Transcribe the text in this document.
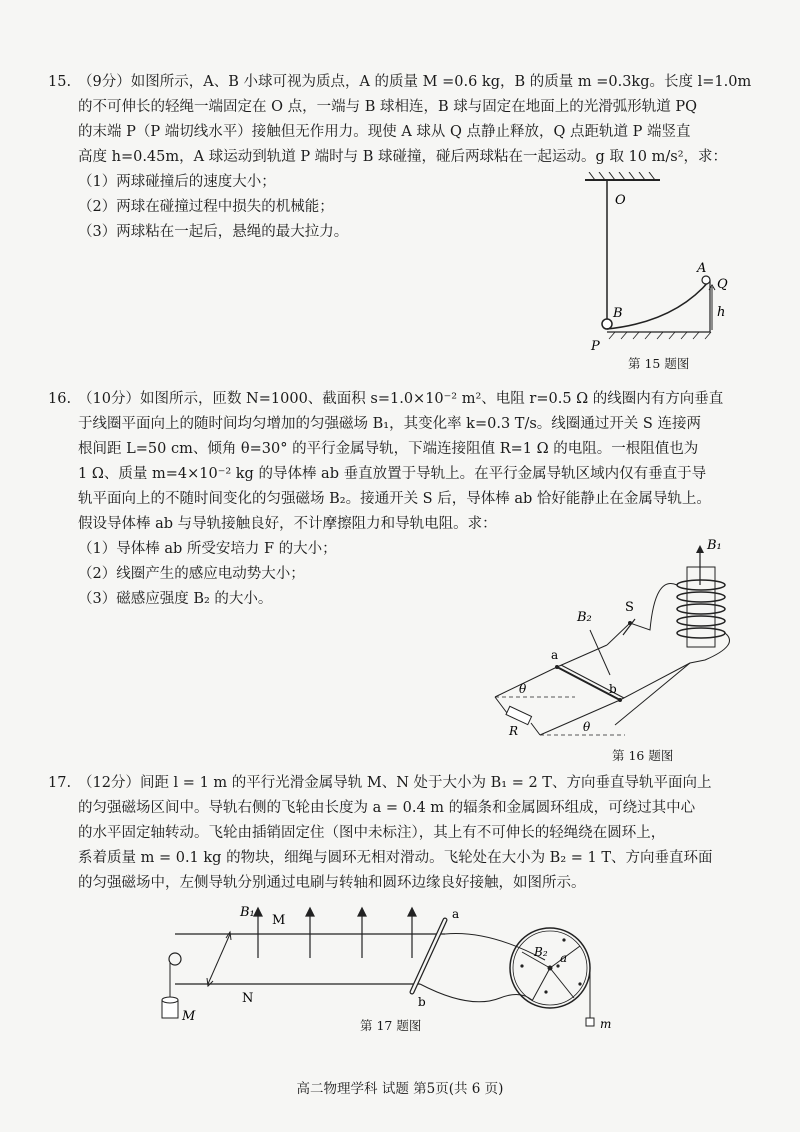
15. （9分）如图所示，A、B 小球可视为质点，A 的质量 M =0.6 kg，B 的质量 m =0.3kg。长度 l=1.0m

的不可伸长的轻绳一端固定在 O 点，一端与 B 球相连，B 球与固定在地面上的光滑弧形轨道 PQ

的末端 P（P 端切线水平）接触但无作用力。现使 A 球从 Q 点静止释放，Q 点距轨道 P 端竖直

高度 h=0.45m，A 球运动到轨道 P 端时与 B 球碰撞，碰后两球粘在一起运动。g 取 10 m/s²，求：

（1）两球碰撞后的速度大小；

（2）两球在碰撞过程中损失的机械能；

（3）两球粘在一起后，悬绳的最大拉力。

O
B
P
A
Q
h
第 15 题图

16. （10分）如图所示，匝数 N=1000、截面积 s=1.0×10⁻² m²、电阻 r=0.5 Ω 的线圈内有方向垂直

于线圈平面向上的随时间均匀增加的匀强磁场 B₁，其变化率 k=0.3 T/s。线圈通过开关 S 连接两

根间距 L=50 cm、倾角 θ=30° 的平行金属导轨，下端连接阻值 R=1 Ω 的电阻。一根阻值也为

1 Ω、质量 m=4×10⁻² kg 的导体棒 ab 垂直放置于导轨上。在平行金属导轨区域内仅有垂直于导

轨平面向上的不随时间变化的匀强磁场 B₂。接通开关 S 后，导体棒 ab 恰好能静止在金属导轨上。

假设导体棒 ab 与导轨接触良好，不计摩擦阻力和导轨电阻。求：

（1）导体棒 ab 所受安培力 F 的大小；

（2）线圈产生的感应电动势大小；

（3）磁感应强度 B₂ 的大小。

B₁
S
B₂
a
b
θ
θ
R
第 16 题图

17. （12分）间距 l = 1 m 的平行光滑金属导轨 M、N 处于大小为 B₁ = 2 T、方向垂直导轨平面向上

的匀强磁场区间中。导轨右侧的飞轮由长度为 a = 0.4 m 的辐条和金属圆环组成，可绕过其中心

的水平固定轴转动。飞轮由插销固定住（图中未标注），其上有不可伸长的轻绳绕在圆环上，

系着质量 m = 0.1 kg 的物块，细绳与圆环无相对滑动。飞轮处在大小为 B₂ = 1 T、方向垂直环面

的匀强磁场中，左侧导轨分别通过电刷与转轴和圆环边缘良好接触，如图所示。

B₁
M
N
M
a
b
B₂ a
m
第 17 题图
高二物理学科 试题 第5页(共 6 页)
